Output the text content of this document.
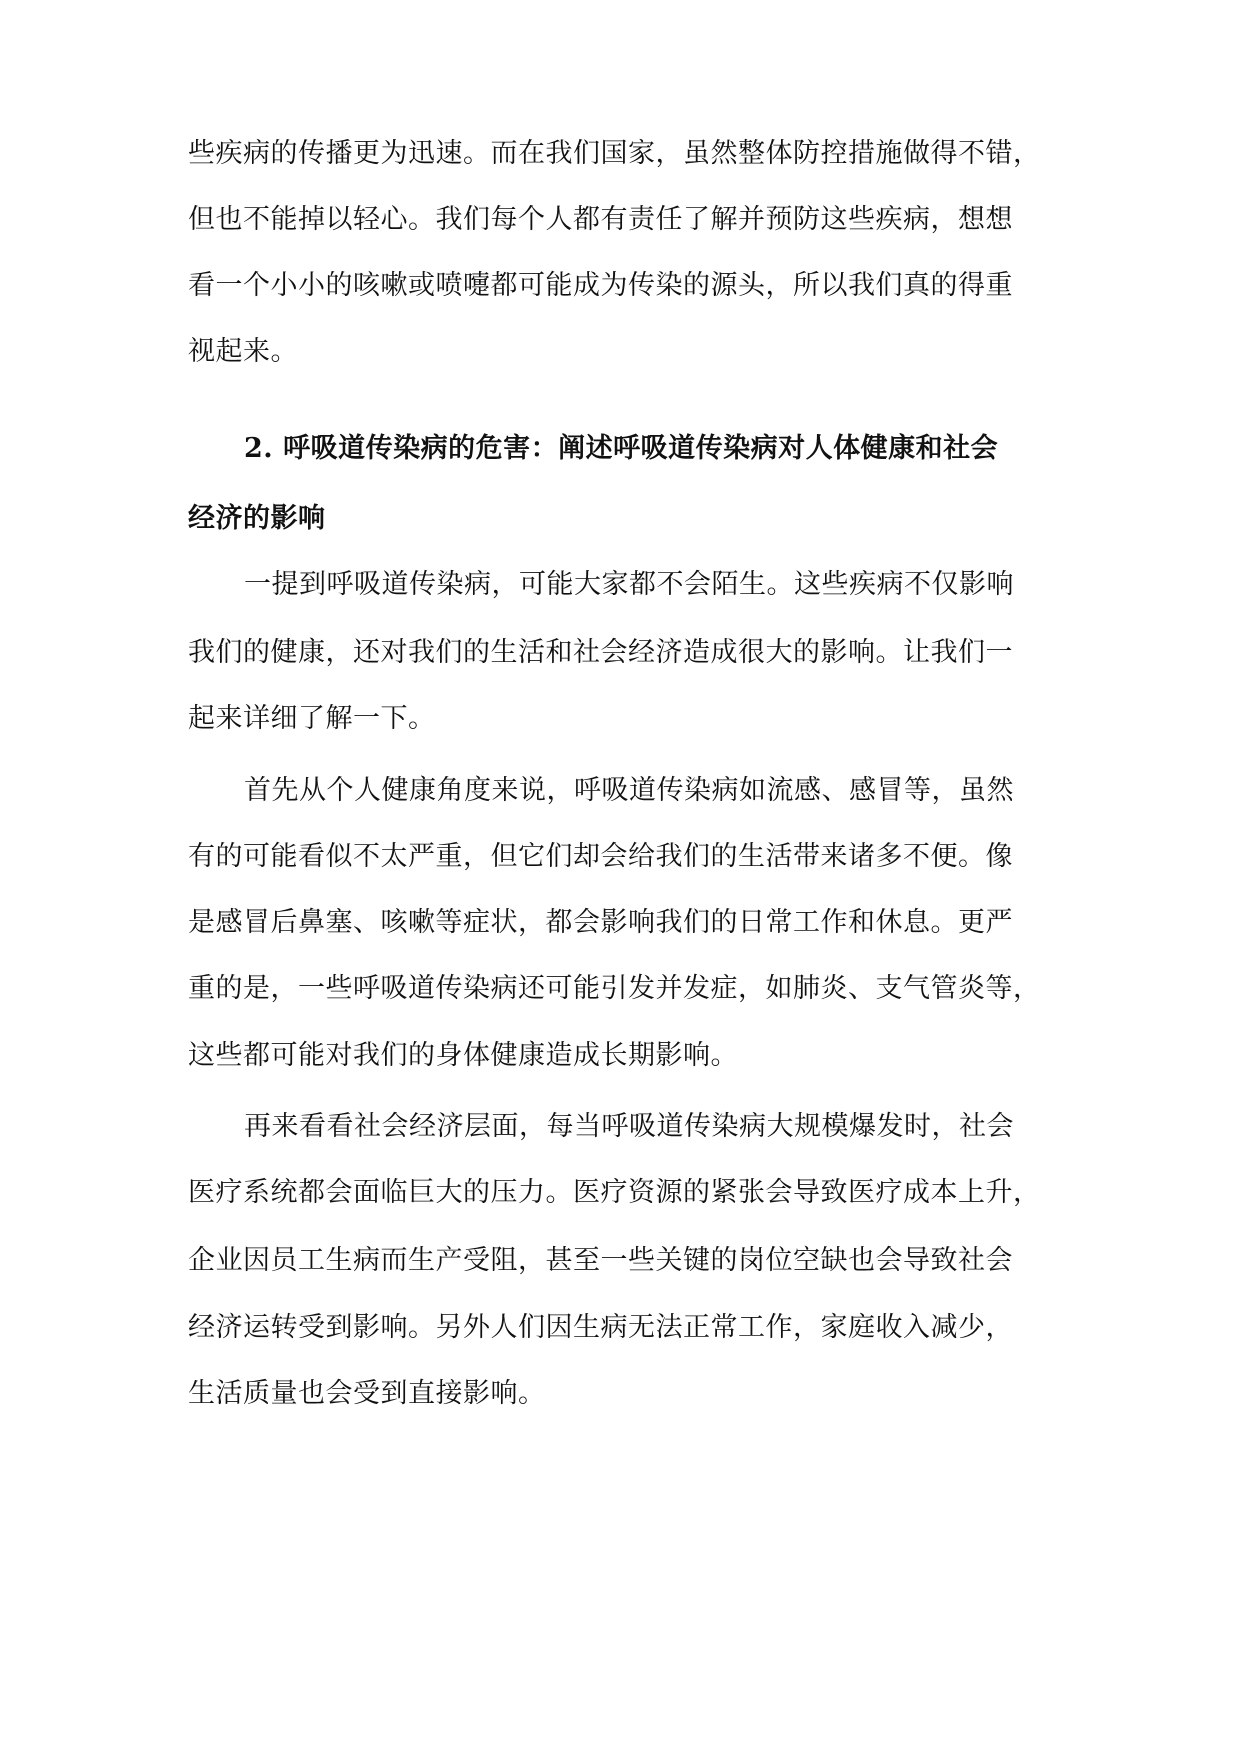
些疾病的传播更为迅速。而在我们国家，虽然整体防控措施做得不错，
但也不能掉以轻心。我们每个人都有责任了解并预防这些疾病，想想
看一个小小的咳嗽或喷嚏都可能成为传染的源头，所以我们真的得重
视起来。
2. 呼吸道传染病的危害：阐述呼吸道传染病对人体健康和社会
经济的影响
一提到呼吸道传染病，可能大家都不会陌生。这些疾病不仅影响
我们的健康，还对我们的生活和社会经济造成很大的影响。让我们一
起来详细了解一下。
首先从个人健康角度来说，呼吸道传染病如流感、感冒等，虽然
有的可能看似不太严重，但它们却会给我们的生活带来诸多不便。像
是感冒后鼻塞、咳嗽等症状，都会影响我们的日常工作和休息。更严
重的是，一些呼吸道传染病还可能引发并发症，如肺炎、支气管炎等，
这些都可能对我们的身体健康造成长期影响。
再来看看社会经济层面，每当呼吸道传染病大规模爆发时，社会
医疗系统都会面临巨大的压力。医疗资源的紧张会导致医疗成本上升，
企业因员工生病而生产受阻，甚至一些关键的岗位空缺也会导致社会
经济运转受到影响。另外人们因生病无法正常工作，家庭收入减少，
生活质量也会受到直接影响。
